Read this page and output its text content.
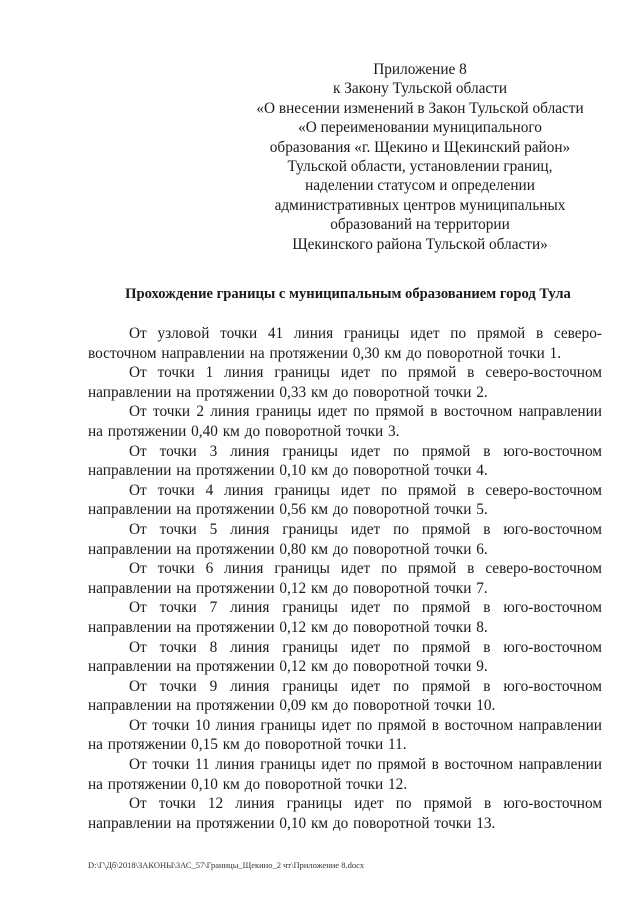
Приложение 8
к Закону Тульской области
«О внесении изменений в Закон Тульской области
«О переименовании муниципального
образования «г. Щекино и Щекинский район»
Тульской области, установлении границ,
наделении статусом и определении
административных центров муниципальных
образований на территории
Щекинского района Тульской области»
Прохождение границы с муниципальным образованием город Тула

От узловой точки 41 линия границы идет по прямой в северо-восточном направлении на протяжении 0,30 км до поворотной точки 1.

От точки 1 линия границы идет по прямой в северо-восточном направлении на протяжении 0,33 км до поворотной точки 2.

От точки 2 линия границы идет по прямой в восточном направлении на протяжении 0,40 км до поворотной точки 3.

От точки 3 линия границы идет по прямой в юго-восточном направлении на протяжении 0,10 км до поворотной точки 4.

От точки 4 линия границы идет по прямой в северо-восточном направлении на протяжении 0,56 км до поворотной точки 5.

От точки 5 линия границы идет по прямой в юго-восточном направлении на протяжении 0,80 км до поворотной точки 6.

От точки 6 линия границы идет по прямой в северо-восточном направлении на протяжении 0,12 км до поворотной точки 7.

От точки 7 линия границы идет по прямой в юго-восточном направлении на протяжении 0,12 км до поворотной точки 8.

От точки 8 линия границы идет по прямой в юго-восточном направлении на протяжении 0,12 км до поворотной точки 9.

От точки 9 линия границы идет по прямой в юго-восточном направлении на протяжении 0,09 км до поворотной точки 10.

От точки 10 линия границы идет по прямой в восточном направлении на протяжении 0,15 км до поворотной точки 11.

От точки 11 линия границы идет по прямой в восточном направлении на протяжении 0,10 км до поворотной точки 12.

От точки 12 линия границы идет по прямой в юго-восточном направлении на протяжении 0,10 км до поворотной точки 13.

D:\Г\Дб\2018\ЗАКОНЫ\ЗАС_57\Границы_Щекино_2 чт\Приложение 8.docx
